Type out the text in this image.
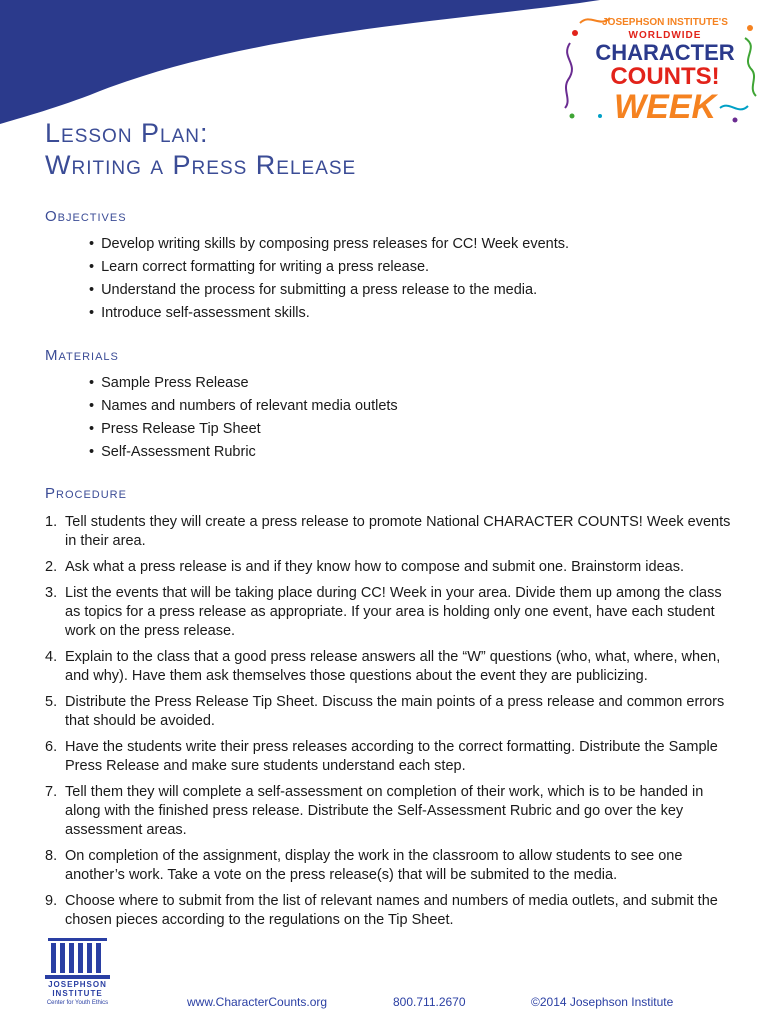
JOSEPHSON INSTITUTE'S
WORLDWIDE
CHARACTER
COUNTS!
WEEK
Lesson Plan:
Writing a Press Release
Objectives
• Develop writing skills by composing press releases for CC! Week events.
• Learn correct formatting for writing a press release.
• Understand the process for submitting a press release to the media.
• Introduce self-assessment skills.
Materials
• Sample Press Release
• Names and numbers of relevant media outlets
• Press Release Tip Sheet
• Self-Assessment Rubric
Procedure
1. Tell students they will create a press release to promote National CHARACTER COUNTS! Week events in their area.
2. Ask what a press release is and if they know how to compose and submit one. Brainstorm ideas.
3. List the events that will be taking place during CC! Week in your area. Divide them up among the class as topics for a press release as appropriate. If your area is holding only one event, have each student work on the press release.
4. Explain to the class that a good press release answers all the “W” questions (who, what, where, when, and why). Have them ask themselves those questions about the event they are publicizing.
5. Distribute the Press Release Tip Sheet. Discuss the main points of a press release and common errors that should be avoided.
6. Have the students write their press releases according to the correct formatting. Distribute the Sample Press Release and make sure students understand each step.
7. Tell them they will complete a self-assessment on completion of their work, which is to be handed in along with the finished press release. Distribute the Self-Assessment Rubric and go over the key assessment areas.
8. On completion of the assignment, display the work in the classroom to allow students to see one another’s work. Take a vote on the press release(s) that will be submited to the media.
9. Choose where to submit from the list of relevant names and numbers of media outlets, and submit the chosen pieces according to the regulations on the Tip Sheet.
JOSEPHSON INSTITUTE
Center for Youth Ethics	www.CharacterCounts.org	800.711.2670	©2014 Josephson Institute
